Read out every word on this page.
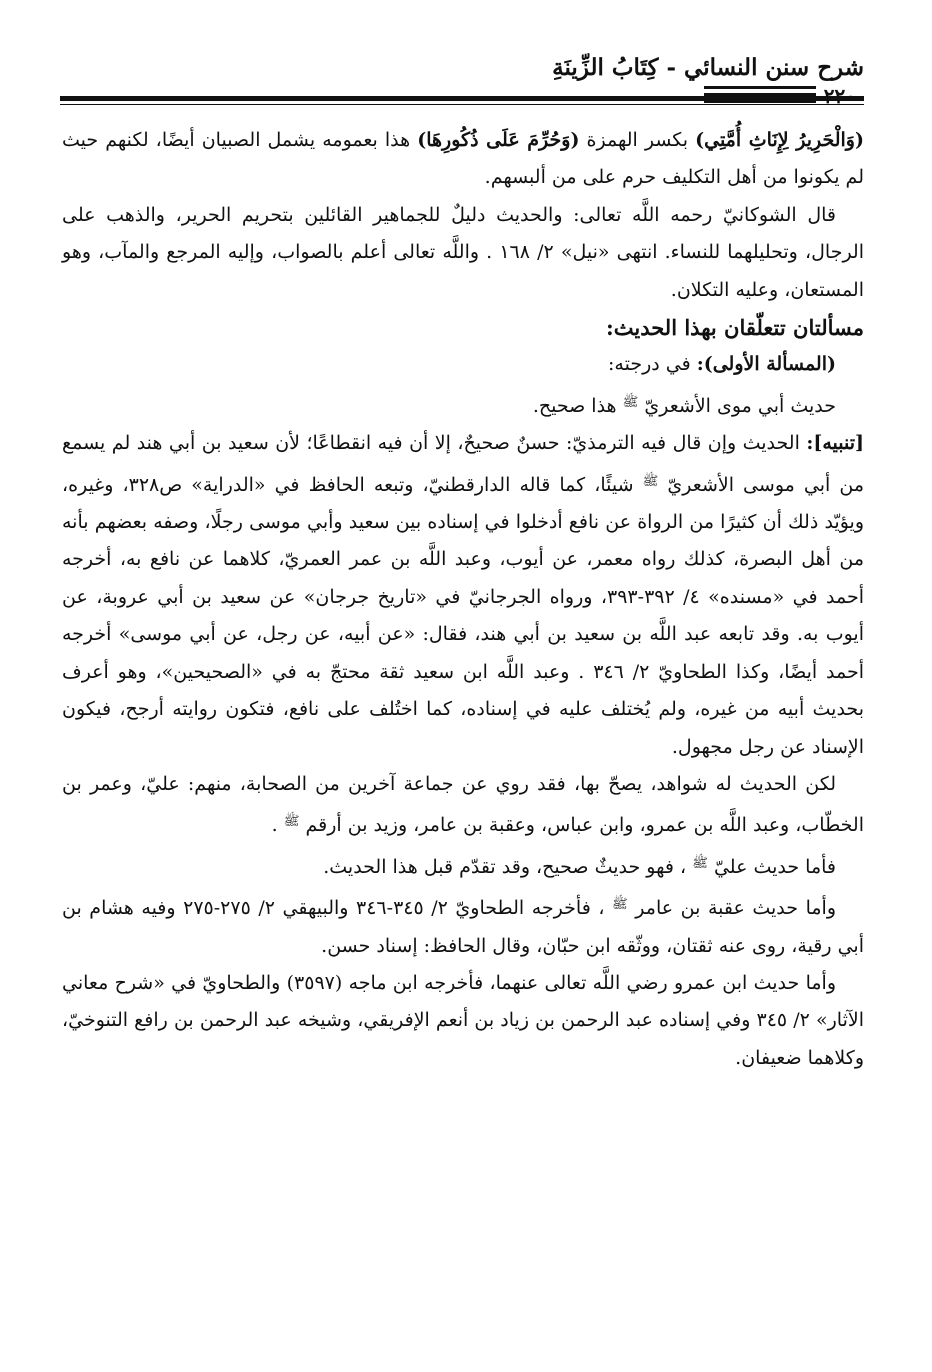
شرح سنن النسائي - كِتَابُ الزِّينَةِ

(وَالْحَرِيرُ لِإِنَاثِ أُمَّتِي) بكسر الهمزة (وَحُرِّمَ عَلَى ذُكُورِهَا) هذا بعمومه يشمل الصبيان أيضًا، لكنهم حيث لم يكونوا من أهل التكليف حرم على من ألبسهم.

قال الشوكانيّ رحمه اللَّه تعالى: والحديث دليلٌ للجماهير القائلين بتحريم الحرير، والذهب على الرجال، وتحليلهما للنساء. انتهى «نيل» ٢/ ١٦٨ . واللَّه تعالى أعلم بالصواب، وإليه المرجع والمآب، وهو المستعان، وعليه التكلان.

مسألتان تتعلّقان بهذا الحديث:

(المسألة الأولى): في درجته:

حديث أبي موى الأشعريّ $^ﷺ$ هذا صحيح.

[تنبيه]: الحديث وإن قال فيه الترمذيّ: حسنٌ صحيحٌ، إلا أن فيه انقطاعًا؛ لأن سعيد بن أبي هند لم يسمع من أبي موسى الأشعريّ $^ﷺ$ شيئًا، كما قاله الدارقطنيّ، وتبعه الحافظ في «الدراية» ص٣٢٨، وغيره، ويؤيّد ذلك أن كثيرًا من الرواة عن نافع أدخلوا في إسناده بين سعيد وأبي موسى رجلًا، وصفه بعضهم بأنه من أهل البصرة، كذلك رواه معمر، عن أيوب، وعبد اللَّه بن عمر العمريّ، كلاهما عن نافع به، أخرجه أحمد في «مسنده» ٤/ ٣٩٢-٣٩٣، ورواه الجرجانيّ في «تاريخ جرجان» عن سعيد بن أبي عروبة، عن أيوب به. وقد تابعه عبد اللَّه بن سعيد بن أبي هند، فقال: «عن أبيه، عن رجل، عن أبي موسى» أخرجه أحمد أيضًا، وكذا الطحاويّ ٢/ ٣٤٦ . وعبد اللَّه ابن سعيد ثقة محتجّ به في «الصحيحين»، وهو أعرف بحديث أبيه من غيره، ولم يُختلف عليه في إسناده، كما اختُلف على نافع، فتكون روايته أرجح، فيكون الإسناد عن رجل مجهول.

لكن الحديث له شواهد، يصحّ بها، فقد روي عن جماعة آخرين من الصحابة، منهم: عليّ، وعمر بن الخطّاب، وعبد اللَّه بن عمرو، وابن عباس، وعقبة بن عامر، وزيد بن أرقم $^ﷺ$ .

فأما حديث عليّ $^ﷺ$ ، فهو حديثٌ صحيح، وقد تقدّم قبل هذا الحديث.

وأما حديث عقبة بن عامر $^ﷺ$ ، فأخرجه الطحاويّ ٢/ ٣٤٥-٣٤٦ والبيهقي ٢/ ٢٧٥-٢٧٥ وفيه هشام بن أبي رقية، روى عنه ثقتان، ووثّقه ابن حبّان، وقال الحافظ: إسناد حسن.

وأما حديث ابن عمرو رضي اللَّه تعالى عنهما، فأخرجه ابن ماجه (٣٥٩٧) والطحاويّ في «شرح معاني الآثار» ٢/ ٣٤٥ وفي إسناده عبد الرحمن بن زياد بن أنعم الإفريقي، وشيخه عبد الرحمن بن رافع التنوخيّ، وكلاهما ضعيفان.
